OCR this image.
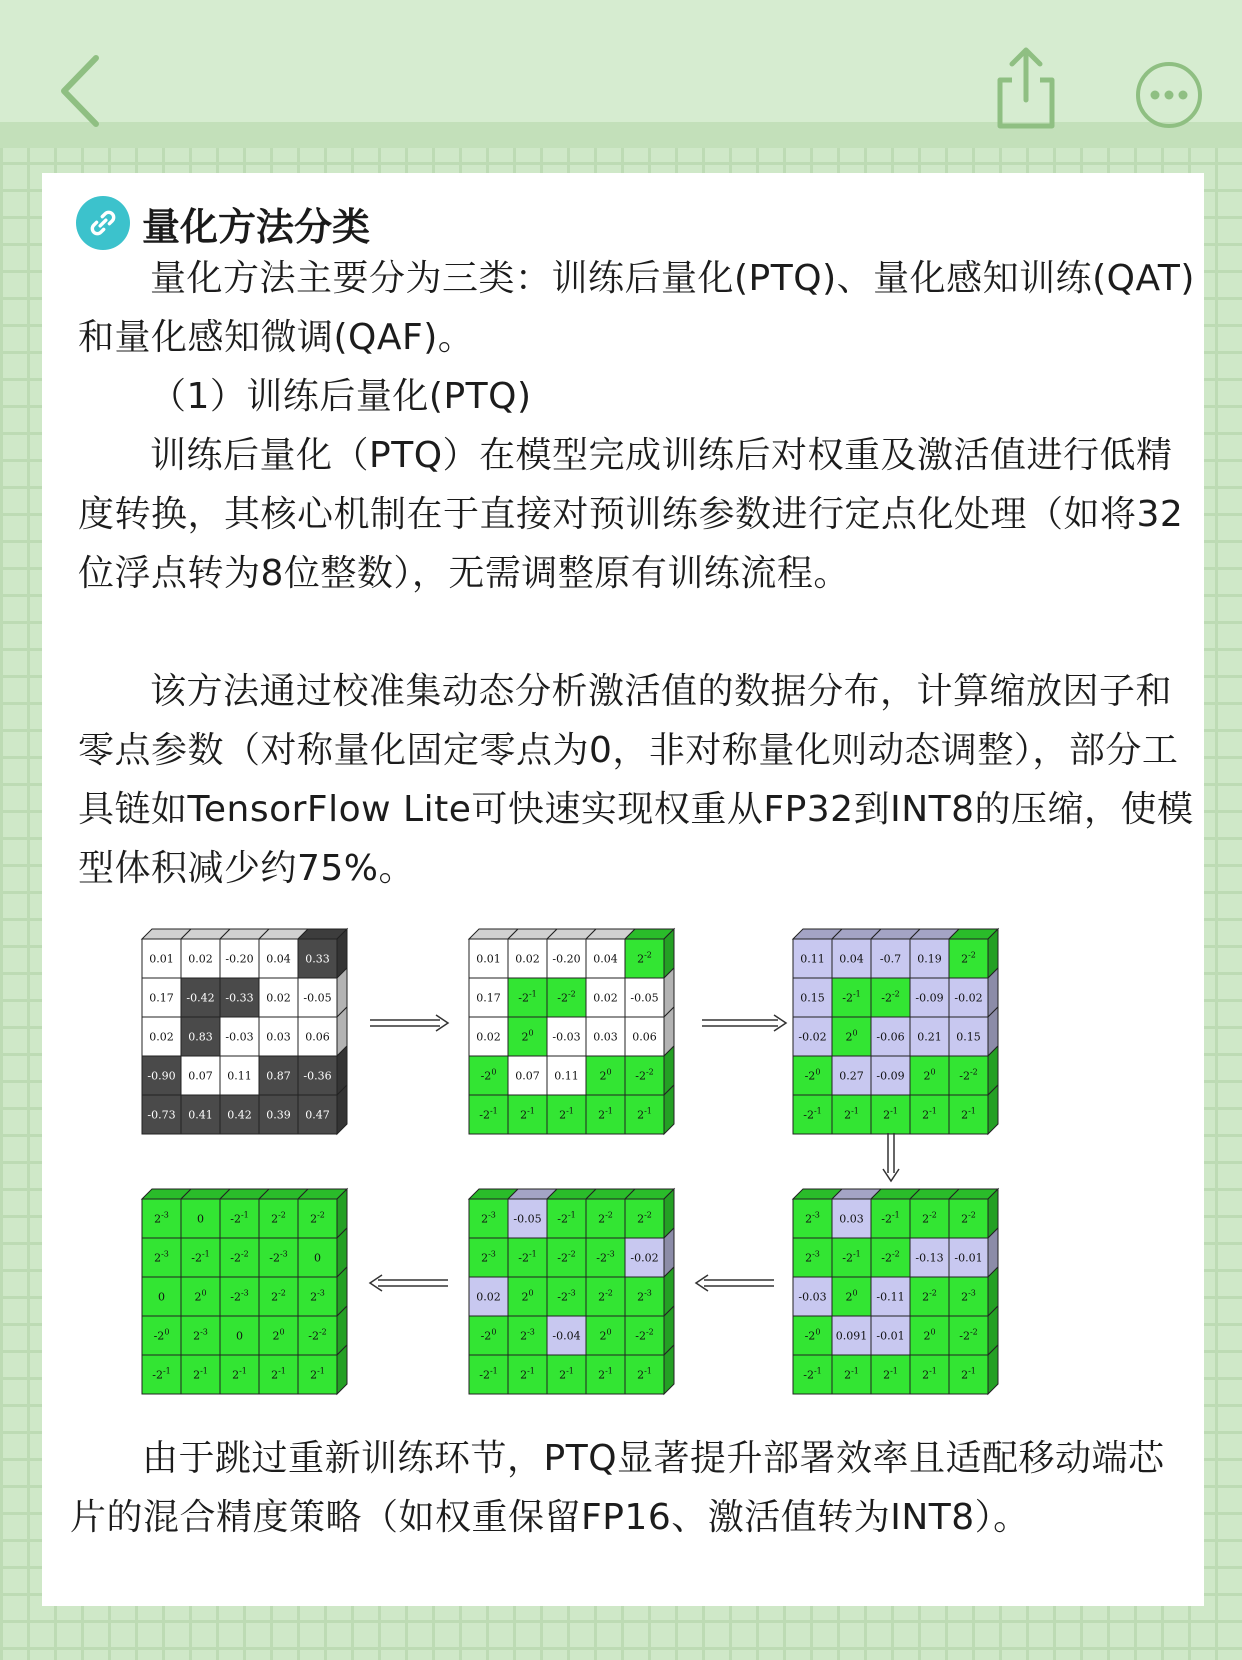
量化方法分类

量化方法主要分为三类：训练后量化(PTQ)、量化感知训练(QAT)和量化感知微调(QAF)。

（1）训练后量化(PTQ)

训练后量化（PTQ）在模型完成训练后对权重及激活值进行低精度转换，其核心机制在于直接对预训练参数进行定点化处理（如将32位浮点转为8位整数），无需调整原有训练流程。

该方法通过校准集动态分析激活值的数据分布，计算缩放因子和零点参数（对称量化固定零点为0，非对称量化则动态调整），部分工具链如TensorFlow Lite可快速实现权重从FP32到INT8的压缩，使模型体积减少约75%。

0.01 0.02 -0.20 0.04 0.33
0.17 -0.42 -0.33 0.02 -0.05
0.02 0.83 -0.03 0.03 0.06
-0.90 0.07 0.11 0.87 -0.36
-0.73 0.41 0.42 0.39 0.47
0.01 0.02 -0.20 0.04 $2^{-2}$
0.17 $-2^{-1}$ $-2^{-2}$ 0.02 -0.05
0.02 $2^0$ -0.03 0.03 0.06
$-2^0$ 0.07 0.11 $2^0$ $-2^{-2}$
$-2^{-1}$ $2^{-1}$ $2^{-1}$ $2^{-1}$ $2^{-1}$
0.11 0.04 -0.7 0.19 $2^{-2}$
0.15 $-2^{-1}$ $-2^{-2}$ -0.09 -0.02
-0.02 $2^0$ -0.06 0.21 0.15
$-2^0$ 0.27 -0.09 $2^0$ $-2^{-2}$
$-2^{-1}$ $2^{-1}$ $2^{-1}$ $2^{-1}$ $2^{-1}$
$2^{-3}$ 0.03 $-2^{-1}$ $2^{-2}$ $2^{-2}$
$2^{-3}$ $-2^{-1}$ $-2^{-2}$ -0.13 -0.01
-0.03 $2^0$ -0.11 $2^{-2}$ $2^{-3}$
$-2^0$ 0.091 -0.01 $2^0$ $-2^{-2}$
$-2^{-1}$ $2^{-1}$ $2^{-1}$ $2^{-1}$ $2^{-1}$
$2^{-3}$ -0.05 $-2^{-1}$ $2^{-2}$ $2^{-2}$
$2^{-3}$ $-2^{-1}$ $-2^{-2}$ $-2^{-3}$ -0.02
0.02 $2^0$ $-2^{-3}$ $2^{-2}$ $2^{-3}$
$-2^0$ $2^{-3}$ -0.04 $2^0$ $-2^{-2}$
$-2^{-1}$ $2^{-1}$ $2^{-1}$ $2^{-1}$ $2^{-1}$
$2^{-3}$	0 $-2^{-1}$ $2^{-2}$ $2^{-2}$
$2^{-3}$ $-2^{-1}$ $-2^{-2}$ $-2^{-3}$ 0
0	$2^0$ $-2^{-3}$ $2^{-2}$ $2^{-3}$
$-2^0$ $2^{-3}$	0	$2^0$ $-2^{-2}$
$-2^{-1}$ $2^{-1}$ $2^{-1}$ $2^{-1}$ $2^{-1}$

由于跳过重新训练环节，PTQ显著提升部署效率且适配移动端芯片的混合精度策略（如权重保留FP16、激活值转为INT8）。
